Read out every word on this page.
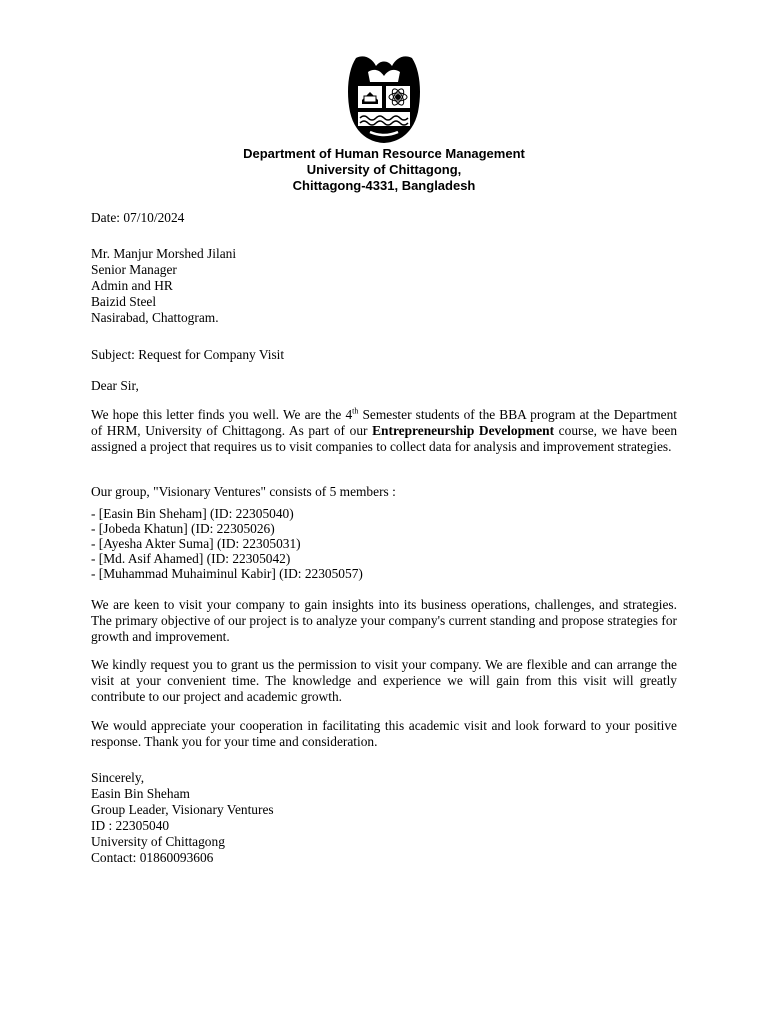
Department of Human Resource Management
University of Chittagong,
Chittagong-4331, Bangladesh
Date: 07/10/2024
Mr. Manjur Morshed Jilani
Senior Manager
Admin and HR
Baizid Steel
Nasirabad, Chattogram.
Subject: Request for Company Visit
Dear Sir,

We hope this letter finds you well. We are the 4th Semester students of the BBA program at the Department of HRM, University of Chittagong. As part of our Entrepreneurship Development course, we have been assigned a project that requires us to visit companies to collect data for analysis and improvement strategies.

Our group, "Visionary Ventures" consists of 5 members :
- [Easin Bin Sheham] (ID: 22305040)
- [Jobeda Khatun] (ID: 22305026)
- [Ayesha Akter Suma] (ID: 22305031)
- [Md. Asif Ahamed] (ID: 22305042)
- [Muhammad Muhaiminul Kabir] (ID: 22305057)

We are keen to visit your company to gain insights into its business operations, challenges, and strategies. The primary objective of our project is to analyze your company's current standing and propose strategies for growth and improvement.

We kindly request you to grant us the permission to visit your company. We are flexible and can arrange the visit at your convenient time. The knowledge and experience we will gain from this visit will greatly contribute to our project and academic growth.

We would appreciate your cooperation in facilitating this academic visit and look forward to your positive response. Thank you for your time and consideration.

Sincerely,
Easin Bin Sheham
Group Leader, Visionary Ventures
ID : 22305040
University of Chittagong
Contact: 01860093606
